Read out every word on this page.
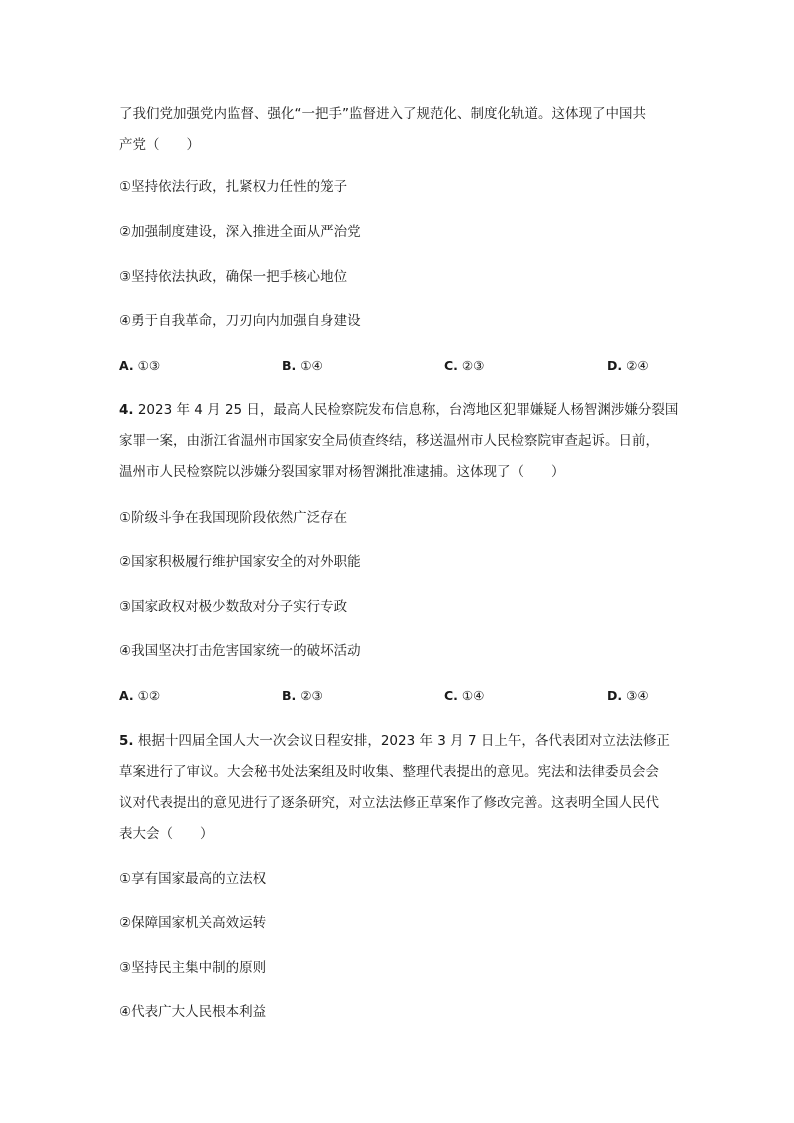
了我们党加强党内监督、强化“一把手”监督进入了规范化、制度化轨道。这体现了中国共
产党（　　）
①坚持依法行政，扎紧权力任性的笼子
②加强制度建设，深入推进全面从严治党
③坚持依法执政，确保一把手核心地位
④勇于自我革命，刀刃向内加强自身建设
A. ①③	B. ①④	C. ②③	D. ②④
4. 2023 年 4 月 25 日，最高人民检察院发布信息称，台湾地区犯罪嫌疑人杨智渊涉嫌分裂国
家罪一案，由浙江省温州市国家安全局侦查终结，移送温州市人民检察院审查起诉。日前，
温州市人民检察院以涉嫌分裂国家罪对杨智渊批准逮捕。这体现了（　　）
①阶级斗争在我国现阶段依然广泛存在
②国家积极履行维护国家安全的对外职能
③国家政权对极少数敌对分子实行专政
④我国坚决打击危害国家统一的破坏活动
A. ①②	B. ②③	C. ①④	D. ③④
5. 根据十四届全国人大一次会议日程安排，2023 年 3 月 7 日上午，各代表团对立法法修正
草案进行了审议。大会秘书处法案组及时收集、整理代表提出的意见。宪法和法律委员会会
议对代表提出的意见进行了逐条研究，对立法法修正草案作了修改完善。这表明全国人民代
表大会（　　）
①享有国家最高的立法权
②保障国家机关高效运转
③坚持民主集中制的原则
④代表广大人民根本利益
